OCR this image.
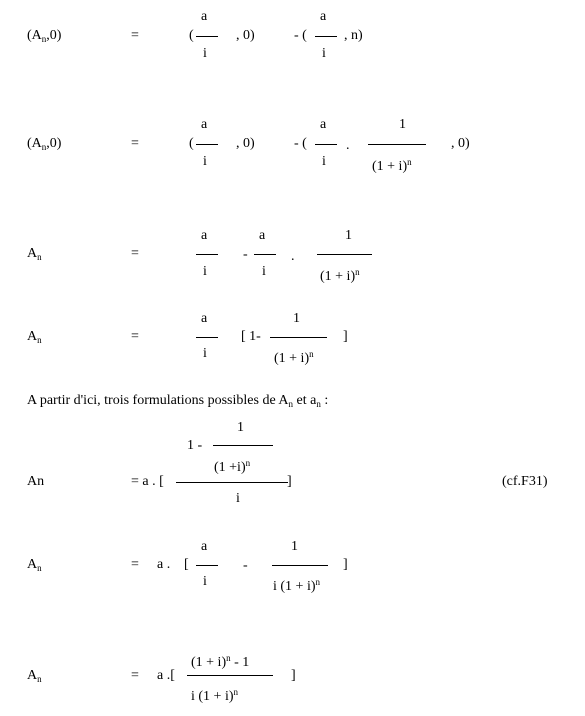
$(A_n,0)$	=	(
a
i
, 0)	- (
a
i
, n)
$(A_n,0)$	=	(
a
i
, 0)	- (
a
i
.
1
$(1 + i)^n$
, 0)
$A_n$	=
a
i
-
a
i
.
1
$(1 + i)^n$
$A_n$	=
a
i
[ 1-
1
$(1 + i)^n$
]
A partir d'ici, trois formulations possibles de $A_n$ et $a_n$ :
An	= a . [
1 -
1
$(1 +i)^n$
i
]	(cf.F31)
$A_n$	= a . [
a
i
-
1
i $(1 + i)^n$
]
$A_n$	= a .[
$(1 + i)^n - 1$
i $(1 + i)^n$
]
